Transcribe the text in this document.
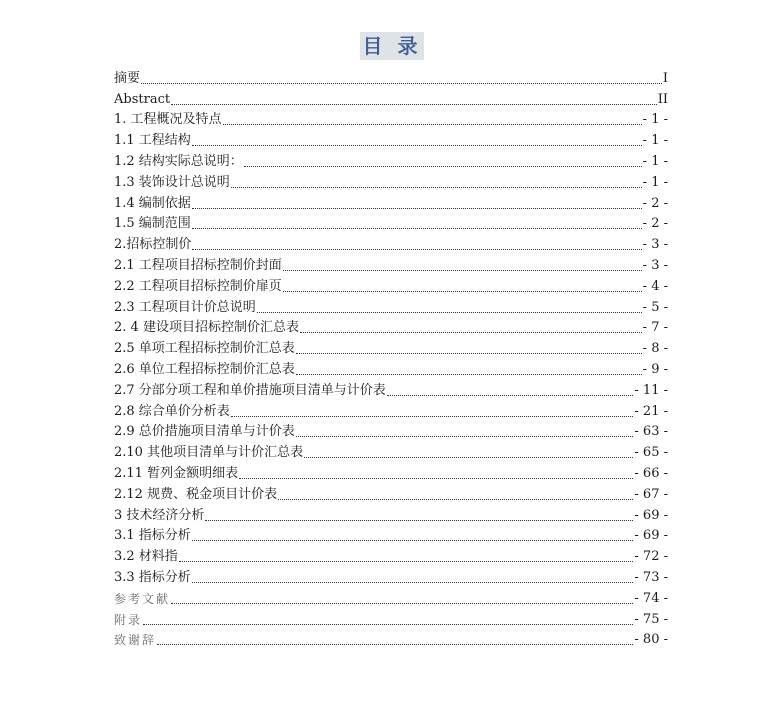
目 录
摘要	I
Abstract	II
1. 工程概况及特点	- 1 -
1.1 工程结构	- 1 -
1.2 结构实际总说明：	- 1 -
1.3 装饰设计总说明	- 1 -
1.4 编制依据	- 2 -
1.5 编制范围	- 2 -
2.招标控制价	- 3 -
2.1 工程项目招标控制价封面	- 3 -
2.2 工程项目招标控制价扉页	- 4 -
2.3 工程项目计价总说明	- 5 -
2. 4 建设项目招标控制价汇总表	- 7 -
2.5 单项工程招标控制价汇总表	- 8 -
2.6 单位工程招标控制价汇总表	- 9 -
2.7 分部分项工程和单价措施项目清单与计价表	- 11 -
2.8 综合单价分析表	- 21 -
2.9 总价措施项目清单与计价表	- 63 -
2.10 其他项目清单与计价汇总表	- 65 -
2.11 暂列金额明细表	- 66 -
2.12 规费、税金项目计价表	- 67 -
3 技术经济分析	- 69 -
3.1 指标分析	- 69 -
3.2 材料指	- 72 -
3.3 指标分析	- 73 -
参考文献	- 74 -
附录	- 75 -
致谢辞	- 80 -
